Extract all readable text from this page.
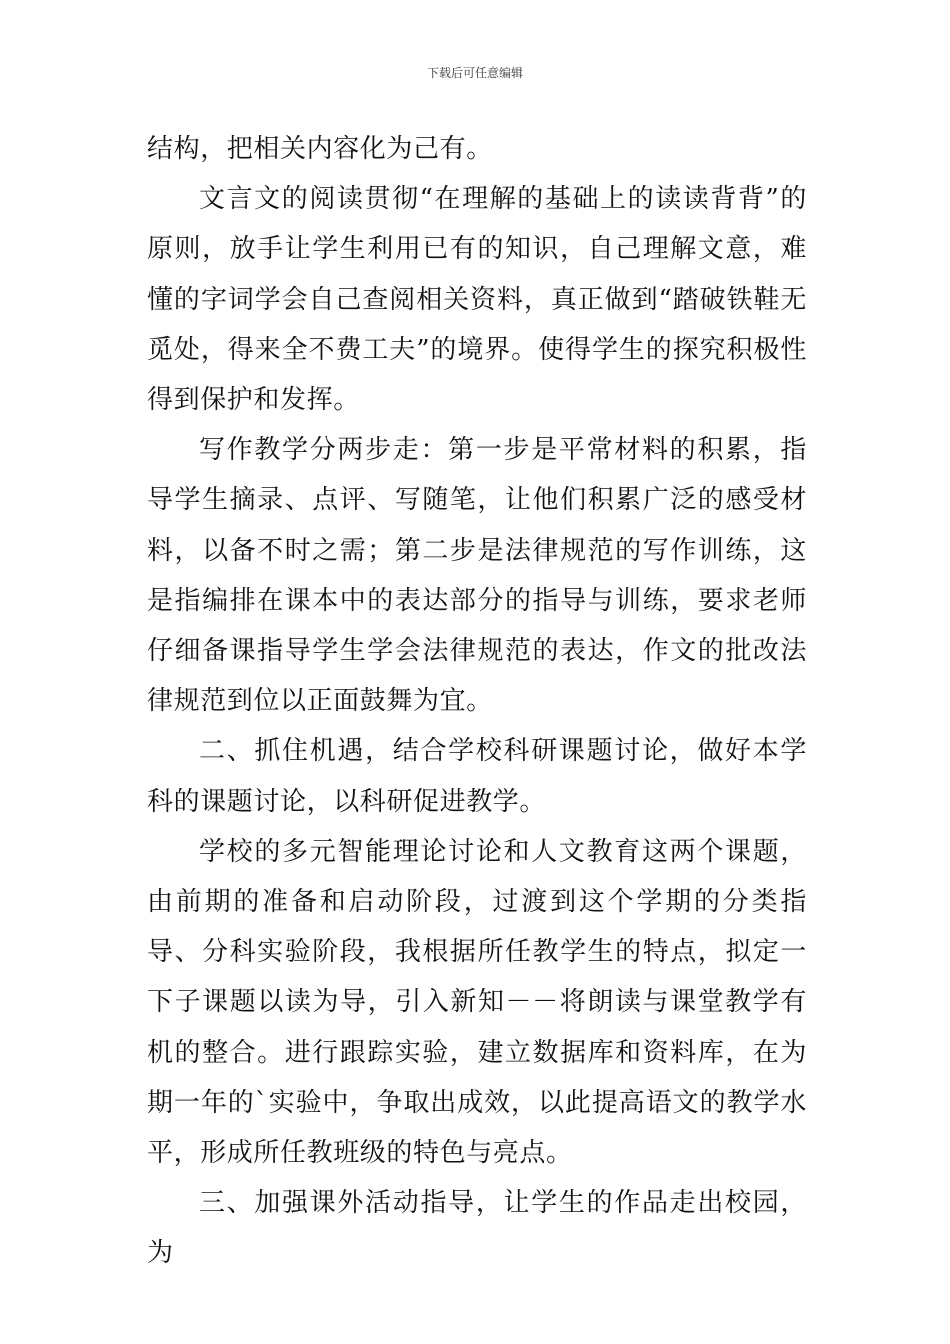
下载后可任意编辑

结构，把相关内容化为己有。

文言文的阅读贯彻“在理解的基础上的读读背背”的原则，放手让学生利用已有的知识，自己理解文意，难懂的字词学会自己查阅相关资料，真正做到“踏破铁鞋无觅处，得来全不费工夫”的境界。使得学生的探究积极性得到保护和发挥。

写作教学分两步走：第一步是平常材料的积累，指导学生摘录、点评、写随笔，让他们积累广泛的感受材料，以备不时之需；第二步是法律规范的写作训练，这是指编排在课本中的表达部分的指导与训练，要求老师仔细备课指导学生学会法律规范的表达，作文的批改法律规范到位以正面鼓舞为宜。

二、抓住机遇，结合学校科研课题讨论，做好本学科的课题讨论，以科研促进教学。

学校的多元智能理论讨论和人文教育这两个课题，由前期的准备和启动阶段，过渡到这个学期的分类指导、分科实验阶段，我根据所任教学生的特点，拟定一下子课题以读为导，引入新知－－将朗读与课堂教学有机的整合。进行跟踪实验，建立数据库和资料库，在为期一年的`实验中，争取出成效，以此提高语文的教学水平，形成所任教班级的特色与亮点。

三、加强课外活动指导，让学生的作品走出校园，为
